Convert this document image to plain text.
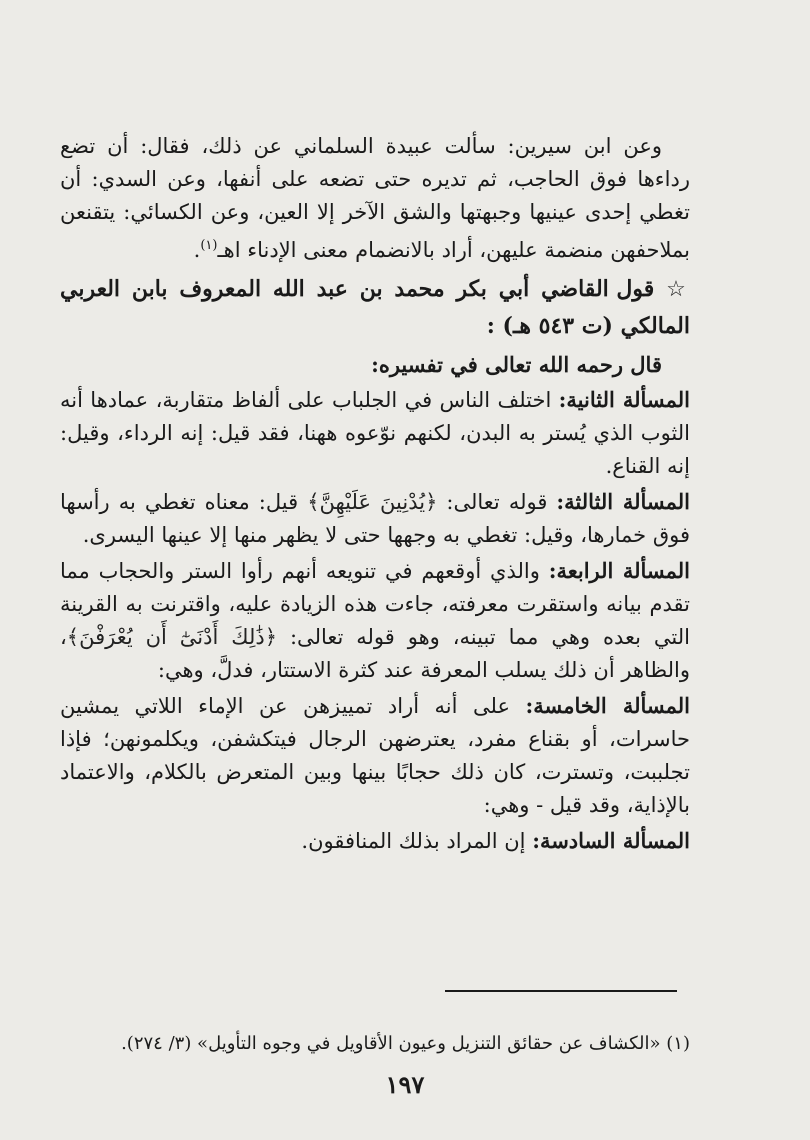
وعن ابن سيرين: سألت عبيدة السلماني عن ذلك، فقال: أن تضع رداءها فوق الحاجب، ثم تديره حتى تضعه على أنفها، وعن السدي: أن تغطي إحدى عينيها وجبهتها والشق الآخر إلا العين، وعن الكسائي: يتقنعن بملاحفهن منضمة عليهن، أراد بالانضمام معنى الإدناء اهـ$^{(١)}$.

☆ قول القاضي أبي بكر محمد بن عبد الله المعروف بابن العربي المالكي (ت ٥٤٣ هـ) :

قال رحمه الله تعالى في تفسيره:

المسألة الثانية: اختلف الناس في الجلباب على ألفاظ متقاربة، عمادها أنه الثوب الذي يُستر به البدن، لكنهم نوّعوه ههنا، فقد قيل: إنه الرداء، وقيل: إنه القناع.

المسألة الثالثة: قوله تعالى: ﴿يُدْنِينَ عَلَيْهِنَّ﴾ قيل: معناه تغطي به رأسها فوق خمارها، وقيل: تغطي به وجهها حتى لا يظهر منها إلا عينها اليسرى.

المسألة الرابعة: والذي أوقعهم في تنويعه أنهم رأوا الستر والحجاب مما تقدم بيانه واستقرت معرفته، جاءت هذه الزيادة عليه، واقترنت به القرينة التي بعده وهي مما تبينه، وهو قوله تعالى: ﴿ذَٰلِكَ أَدْنَىٰٓ أَن يُعْرَفْنَ﴾، والظاهر أن ذلك يسلب المعرفة عند كثرة الاستتار، فدلَّ، وهي:

المسألة الخامسة: على أنه أراد تمييزهن عن الإماء اللاتي يمشين حاسرات، أو بقناع مفرد، يعترضهن الرجال فيتكشفن، ويكلمونهن؛ فإذا تجلببت، وتسترت، كان ذلك حجابًا بينها وبين المتعرض بالكلام، والاعتماد بالإذاية، وقد قيل - وهي:

المسألة السادسة: إن المراد بذلك المنافقون.

(١) «الكشاف عن حقائق التنزيل وعيون الأقاويل في وجوه التأويل» (٣/ ٢٧٤).

١٩٧
